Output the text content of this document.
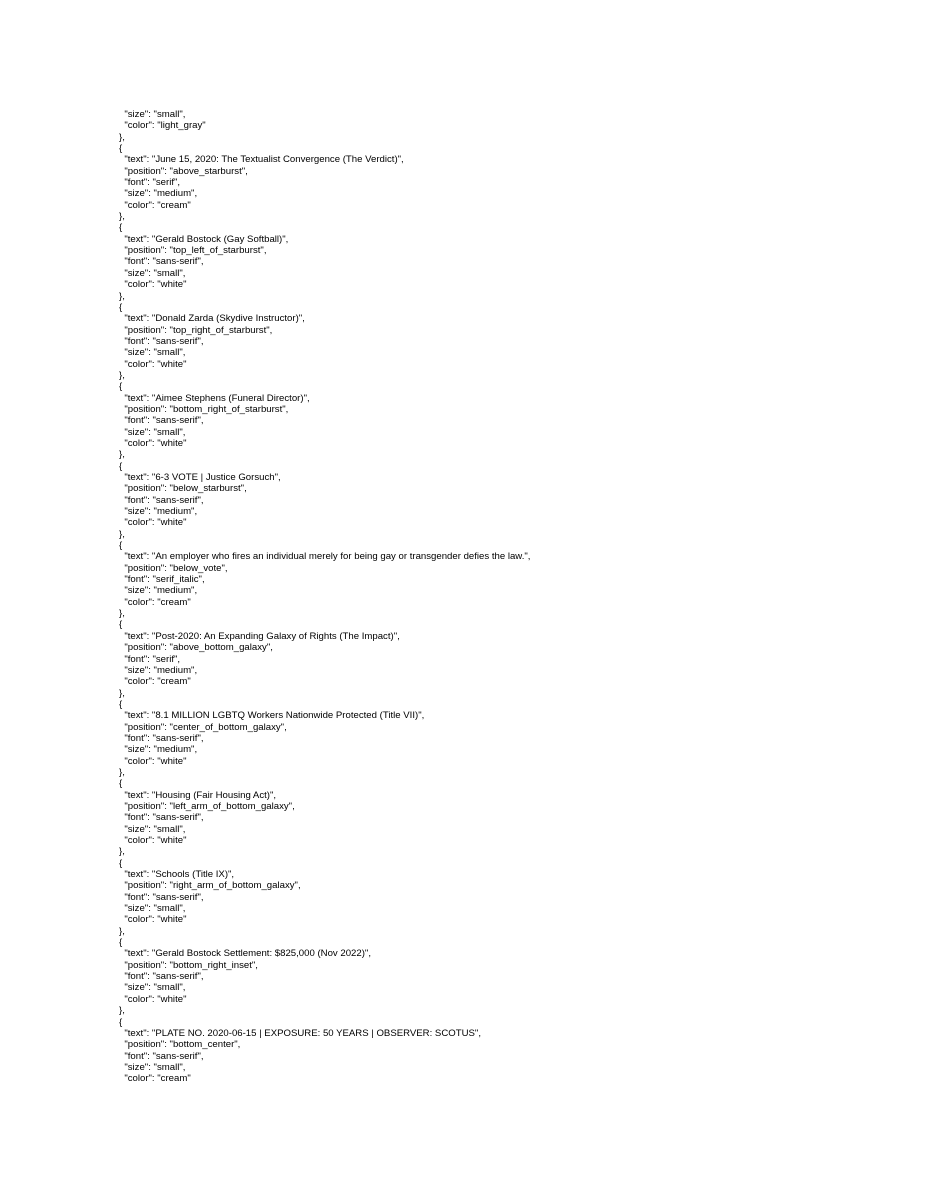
"size": "small",
"color": "light_gray"
},
{
"text": "June 15, 2020: The Textualist Convergence (The Verdict)",
"position": "above_starburst",
"font": "serif",
"size": "medium",
"color": "cream"
},
{
"text": "Gerald Bostock (Gay Softball)",
"position": "top_left_of_starburst",
"font": "sans-serif",
"size": "small",
"color": "white"
},
{
"text": "Donald Zarda (Skydive Instructor)",
"position": "top_right_of_starburst",
"font": "sans-serif",
"size": "small",
"color": "white"
},
{
"text": "Aimee Stephens (Funeral Director)",
"position": "bottom_right_of_starburst",
"font": "sans-serif",
"size": "small",
"color": "white"
},
{
"text": "6-3 VOTE | Justice Gorsuch",
"position": "below_starburst",
"font": "sans-serif",
"size": "medium",
"color": "white"
},
{
"text": "An employer who fires an individual merely for being gay or transgender defies the law.",
"position": "below_vote",
"font": "serif_italic",
"size": "medium",
"color": "cream"
},
{
"text": "Post-2020: An Expanding Galaxy of Rights (The Impact)",
"position": "above_bottom_galaxy",
"font": "serif",
"size": "medium",
"color": "cream"
},
{
"text": "8.1 MILLION LGBTQ Workers Nationwide Protected (Title VII)",
"position": "center_of_bottom_galaxy",
"font": "sans-serif",
"size": "medium",
"color": "white"
},
{
"text": "Housing (Fair Housing Act)",
"position": "left_arm_of_bottom_galaxy",
"font": "sans-serif",
"size": "small",
"color": "white"
},
{
"text": "Schools (Title IX)",
"position": "right_arm_of_bottom_galaxy",
"font": "sans-serif",
"size": "small",
"color": "white"
},
{
"text": "Gerald Bostock Settlement: $825,000 (Nov 2022)",
"position": "bottom_right_inset",
"font": "sans-serif",
"size": "small",
"color": "white"
},
{
"text": "PLATE NO. 2020-06-15 | EXPOSURE: 50 YEARS | OBSERVER: SCOTUS",
"position": "bottom_center",
"font": "sans-serif",
"size": "small",
"color": "cream"
